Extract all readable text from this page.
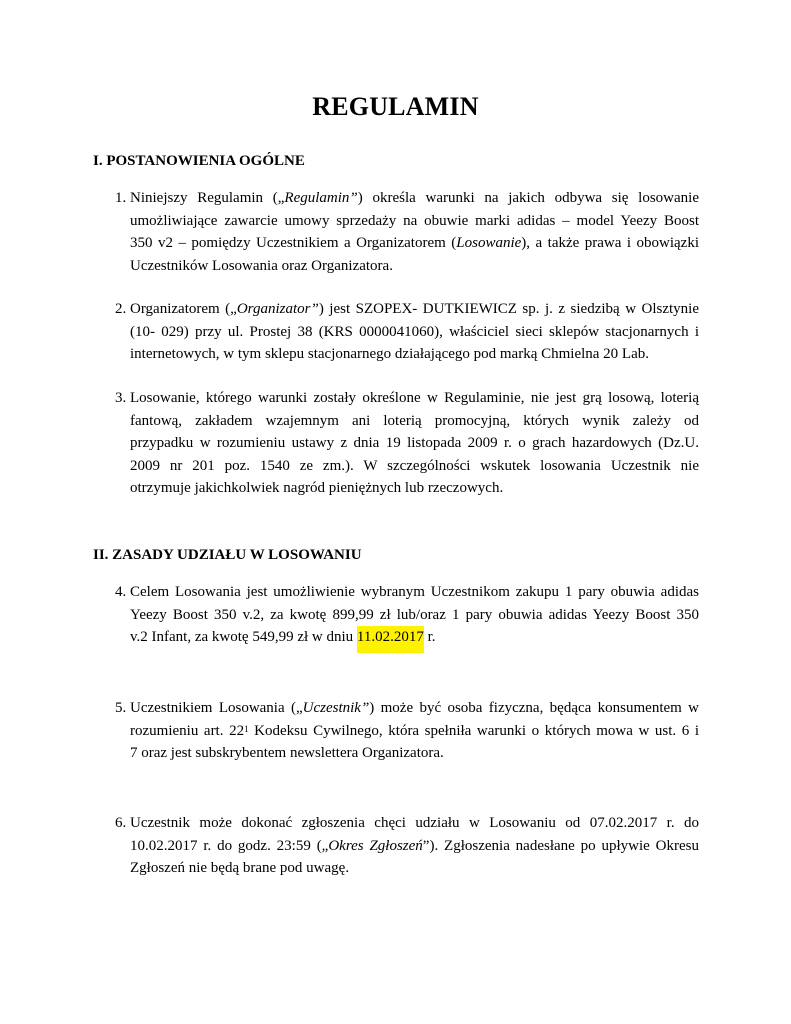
REGULAMIN
I. POSTANOWIENIA OGÓLNE
1. Niniejszy Regulamin („Regulamin”) określa warunki na jakich odbywa się losowanie
umożliwiające zawarcie umowy sprzedaży na obuwie marki adidas – model Yeezy Boost
350 v2 – pomiędzy Uczestnikiem a Organizatorem (Losowanie), a także prawa i obowiązki
Uczestników Losowania oraz Organizatora.
2. Organizatorem („Organizator”) jest SZOPEX- DUTKIEWICZ sp. j. z siedzibą w Olsztynie
(10- 029) przy ul. Prostej 38 (KRS 0000041060), właściciel sieci sklepów stacjonarnych i
internetowych, w tym sklepu stacjonarnego działającego pod marką Chmielna 20 Lab.
3. Losowanie, którego warunki zostały określone w Regulaminie, nie jest grą losową, loterią
fantową, zakładem wzajemnym ani loterią promocyjną, których wynik zależy od
przypadku w rozumieniu ustawy z dnia 19 listopada 2009 r. o grach hazardowych (Dz.U.
2009 nr 201 poz. 1540 ze zm.). W szczególności wskutek losowania Uczestnik nie
otrzymuje jakichkolwiek nagród pieniężnych lub rzeczowych.
II. ZASADY UDZIAŁU W LOSOWANIU
4. Celem Losowania jest umożliwienie wybranym Uczestnikom zakupu 1 pary obuwia adidas
Yeezy Boost 350 v.2, za kwotę 899,99 zł lub/oraz 1 pary obuwia adidas Yeezy Boost 350
v.2 Infant, za kwotę 549,99 zł w dniu 11.02.2017 r.
5. Uczestnikiem Losowania („Uczestnik”) może być osoba fizyczna, będąca konsumentem w
rozumieniu art. $22^1$ Kodeksu Cywilnego, która spełniła warunki o których mowa w ust. 6 i
7 oraz jest subskrybentem newslettera Organizatora.
6. Uczestnik może dokonać zgłoszenia chęci udziału w Losowaniu od 07.02.2017 r. do
10.02.2017 r. do godz. 23:59 („Okres Zgłoszeń”). Zgłoszenia nadesłane po upływie Okresu
Zgłoszeń nie będą brane pod uwagę.
